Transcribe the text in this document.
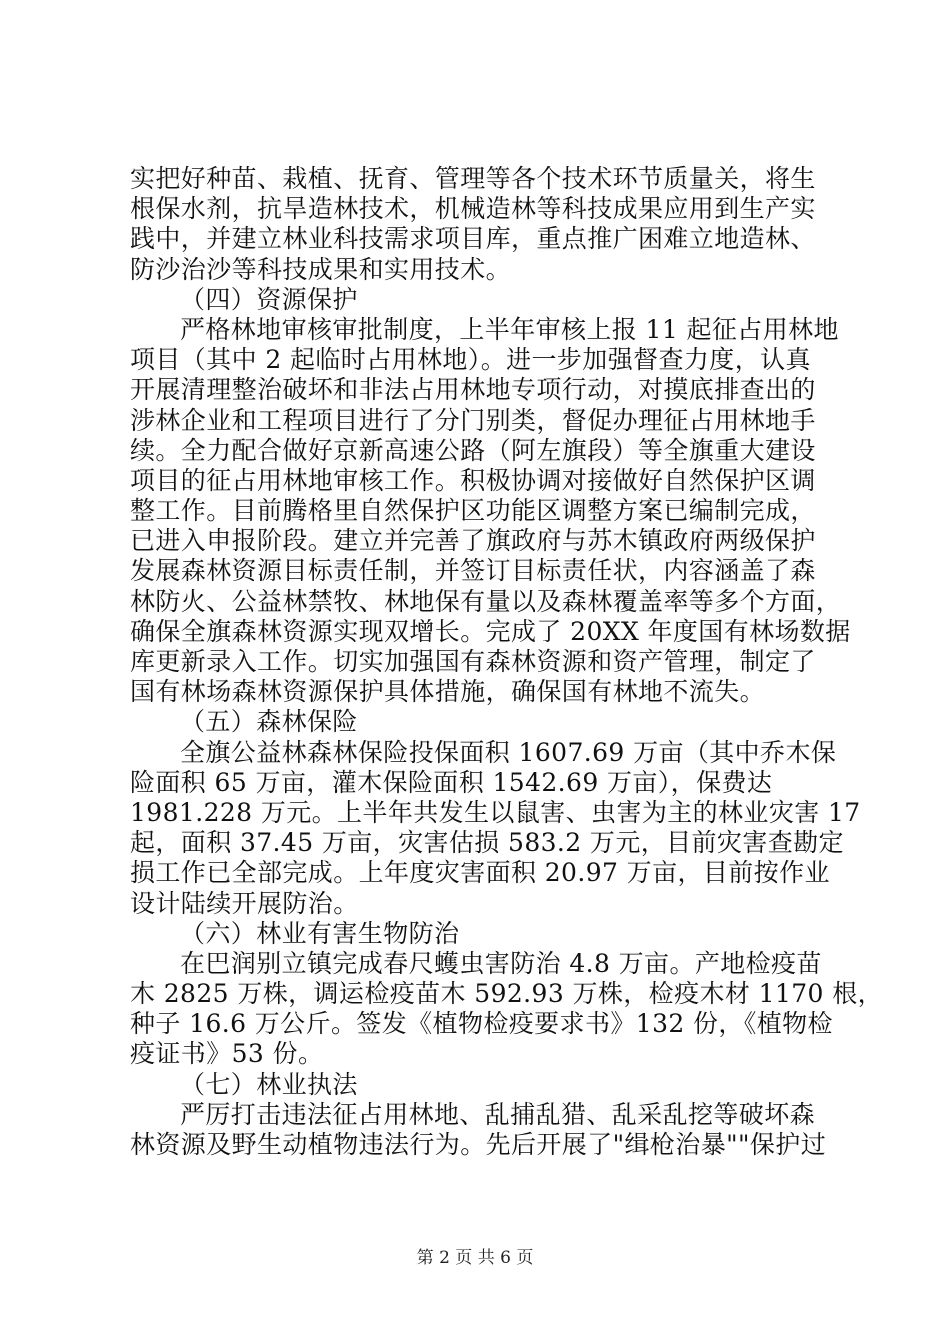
实把好种苗、栽植、抚育、管理等各个技术环节质量关，将生
根保水剂，抗旱造林技术，机械造林等科技成果应用到生产实
践中，并建立林业科技需求项目库，重点推广困难立地造林、
防沙治沙等科技成果和实用技术。
（四）资源保护
严格林地审核审批制度，上半年审核上报 11 起征占用林地
项目（其中 2 起临时占用林地）。进一步加强督查力度，认真
开展清理整治破坏和非法占用林地专项行动，对摸底排查出的
涉林企业和工程项目进行了分门别类，督促办理征占用林地手
续。全力配合做好京新高速公路（阿左旗段）等全旗重大建设
项目的征占用林地审核工作。积极协调对接做好自然保护区调
整工作。目前腾格里自然保护区功能区调整方案已编制完成，
已进入申报阶段。建立并完善了旗政府与苏木镇政府两级保护
发展森林资源目标责任制，并签订目标责任状，内容涵盖了森
林防火、公益林禁牧、林地保有量以及森林覆盖率等多个方面，
确保全旗森林资源实现双增长。完成了 20XX 年度国有林场数据
库更新录入工作。切实加强国有森林资源和资产管理，制定了
国有林场森林资源保护具体措施，确保国有林地不流失。
（五）森林保险
全旗公益林森林保险投保面积 1607.69 万亩（其中乔木保
险面积 65 万亩，灌木保险面积 1542.69 万亩），保费达
1981.228 万元。上半年共发生以鼠害、虫害为主的林业灾害 17
起，面积 37.45 万亩，灾害估损 583.2 万元，目前灾害查勘定
损工作已全部完成。上年度灾害面积 20.97 万亩，目前按作业
设计陆续开展防治。
（六）林业有害生物防治
在巴润别立镇完成春尺蠖虫害防治 4.8 万亩。产地检疫苗
木 2825 万株，调运检疫苗木 592.93 万株，检疫木材 1170 根，
种子 16.6 万公斤。签发《植物检疫要求书》132 份，《植物检
疫证书》53 份。
（七）林业执法
严厉打击违法征占用林地、乱捕乱猎、乱采乱挖等破坏森
林资源及野生动植物违法行为。先后开展了"缉枪治暴""保护过
第 2 页 共 6 页
